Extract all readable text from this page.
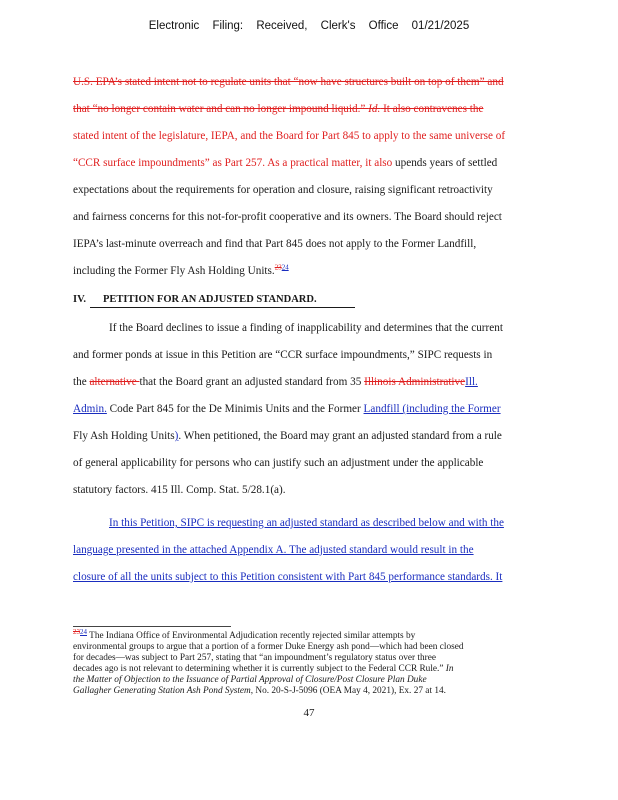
Electronic Filing: Received, Clerk's Office 01/21/2025
U.S. EPA’s stated intent not to regulate units that “now have structures built on top of them” and
that “no longer contain water and can no longer impound liquid.” Id. It also contravenes the
stated intent of the legislature, IEPA, and the Board for Part 845 to apply to the same universe of
“CCR surface impoundments” as Part 257. As a practical matter, it also upends years of settled
expectations about the requirements for operation and closure, raising significant retroactivity
and fairness concerns for this not-for-profit cooperative and its owners. The Board should reject
IEPA’s last-minute overreach and find that Part 845 does not apply to the Former Landfill,
including the Former Fly Ash Holding Units.$^{2324}$
IV. PETITION FOR AN ADJUSTED STANDARD.
If the Board declines to issue a finding of inapplicability and determines that the current
and former ponds at issue in this Petition are “CCR surface impoundments,” SIPC requests in
the alternative that the Board grant an adjusted standard from 35 Illinois AdministrativeIll.
Admin. Code Part 845 for the De Minimis Units and the Former Landfill (including the Former
Fly Ash Holding Units). When petitioned, the Board may grant an adjusted standard from a rule
of general applicability for persons who can justify such an adjustment under the applicable
statutory factors. 415 Ill. Comp. Stat. 5/28.1(a).
In this Petition, SIPC is requesting an adjusted standard as described below and with the
language presented in the attached Appendix A. The adjusted standard would result in the
closure of all the units subject to this Petition consistent with Part 845 performance standards. It
$^{2324}$ The Indiana Office of Environmental Adjudication recently rejected similar attempts by
environmental groups to argue that a portion of a former Duke Energy ash pond—which had been closed
for decades—was subject to Part 257, stating that “an impoundment’s regulatory status over three
decades ago is not relevant to determining whether it is currently subject to the Federal CCR Rule.” In
the Matter of Objection to the Issuance of Partial Approval of Closure/Post Closure Plan Duke
Gallagher Generating Station Ash Pond System, No. 20-S-J-5096 (OEA May 4, 2021), Ex. 27 at 14.
47
